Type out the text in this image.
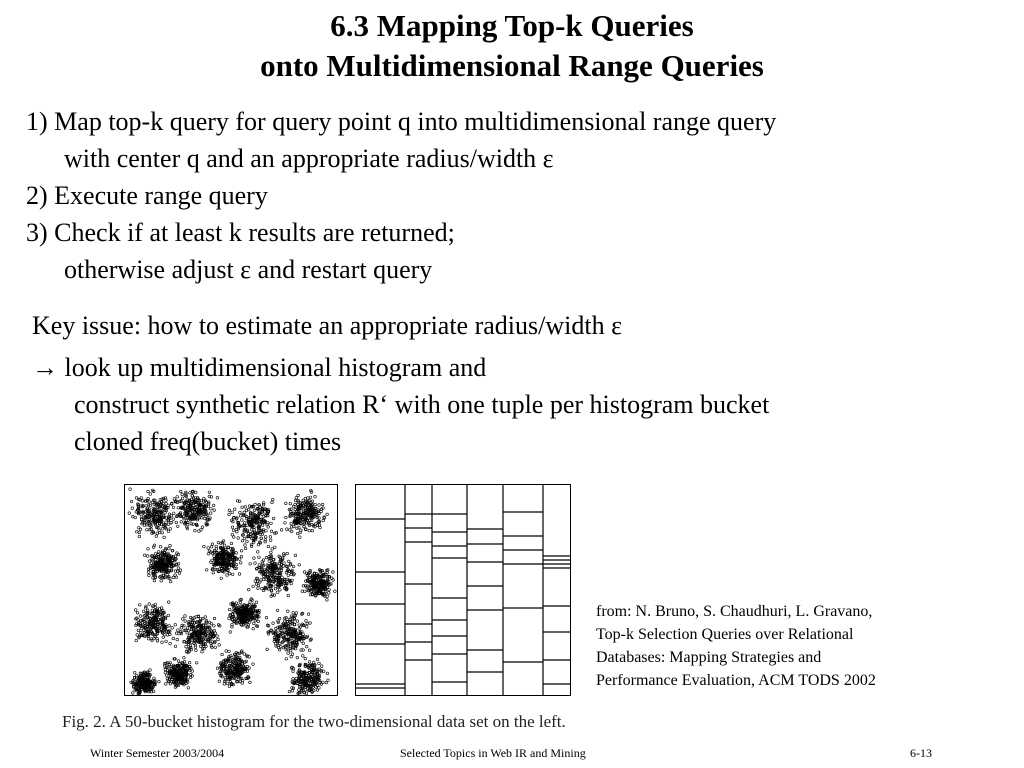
6.3 Mapping Top-k Queries
onto Multidimensional Range Queries
1) Map top-k query for query point q into multidimensional range query
with center q and an appropriate radius/width ε
2) Execute range query
3) Check if at least k results are returned;
otherwise adjust ε and restart query
Key issue: how to estimate an appropriate radius/width ε
→ look up multidimensional histogram and
construct synthetic relation R‘ with one tuple per histogram bucket
cloned freq(bucket) times
Fig. 2. A 50-bucket histogram for the two-dimensional data set on the left.
from: N. Bruno, S. Chaudhuri, L. Gravano,
Top-k Selection Queries over Relational
Databases: Mapping Strategies and
Performance Evaluation, ACM TODS 2002
Winter Semester 2003/2004	Selected Topics in Web IR and Mining	6-13
